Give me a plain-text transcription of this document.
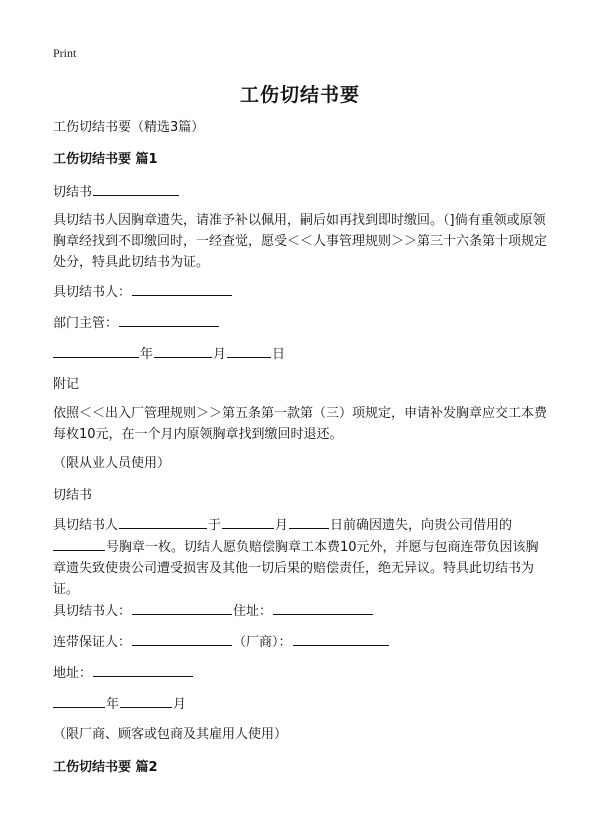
Print
工伤切结书要
工伤切结书要（精选3篇）
工伤切结书要 篇1
切结书
具切结书人因胸章遗失，请准予补以佩用，嗣后如再找到即时缴回。（]倘有重领或原领胸章经找到不即缴回时，一经查觉，愿受＜＜人事管理规则＞＞第三十六条第十项规定处分，特具此切结书为证。
具切结书人：
部门主管：
年	月	日
附记
依照＜＜出入厂管理规则＞＞第五条第一款第（三）项规定，申请补发胸章应交工本费每枚10元，在一个月内原领胸章找到缴回时退还。
（限从业人员使用）
切结书
具切结书人	于	月	日前确因遗失，向贵公司借用的号胸章一枚。切结人愿负赔偿胸章工本费10元外，并愿与包商连带负因该胸章遗失致使贵公司遭受损害及其他一切后果的赔偿责任，绝无异议。特具此切结书为证。
具切结书人：	住址：
连带保证人：	（厂商）：
地址：
年	月
（限厂商、顾客或包商及其雇用人使用）
工伤切结书要 篇2
